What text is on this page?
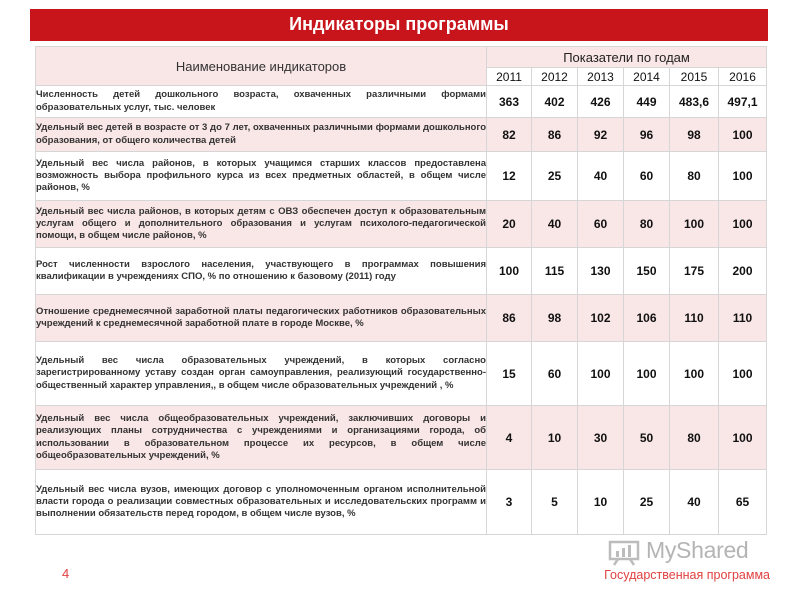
Индикаторы программы
Наименование индикаторов	Показатели по годам					
	2011	2012	2013	2014	2015	2016
Численность детей дошкольного возраста, охваченных различными формами образовательных услуг, тыс. человек	363	402	426	449	483,6	497,1
Удельный вес детей в возрасте от 3 до 7 лет, охваченных различными формами дошкольного образования, от общего количества детей	82	86	92	96	98	100
Удельный вес числа районов, в которых учащимся старших классов предоставлена возможность выбора профильного курса из всех предметных областей, в общем числе районов, %	12	25	40	60	80	100
Удельный вес числа районов, в которых детям с ОВЗ обеспечен доступ к образовательным услугам общего и дополнительного образования и услугам психолого-педагогической помощи, в общем числе районов, %	20	40	60	80	100	100
Рост численности взрослого населения, участвующего в программах повышения квалификации в учреждениях СПО, % по отношению к базовому (2011) году	100	115	130	150	175	200
Отношение среднемесячной заработной платы педагогических работников образовательных учреждений к среднемесячной заработной плате в городе Москве, %	86	98	102	106	110	110
Удельный вес числа образовательных учреждений, в которых согласно зарегистрированному уставу создан орган самоуправления, реализующий государственно-общественный характер управления,, в общем числе образовательных учреждений , %	15	60	100	100	100	100
Удельный вес числа общеобразовательных учреждений, заключивших договоры и реализующих планы сотрудничества с учреждениями и организациями города, об использовании в образовательном процессе их ресурсов, в общем числе общеобразовательных учреждений, %	4	10	30	50	80	100
Удельный вес числа вузов, имеющих договор с уполномоченным органом исполнительной власти города о реализации совместных образовательных и исследовательских программ и выполнении обязательств перед городом, в общем числе вузов, %	3	5	10	25	40	65
4	Государственная программа
MyShared
